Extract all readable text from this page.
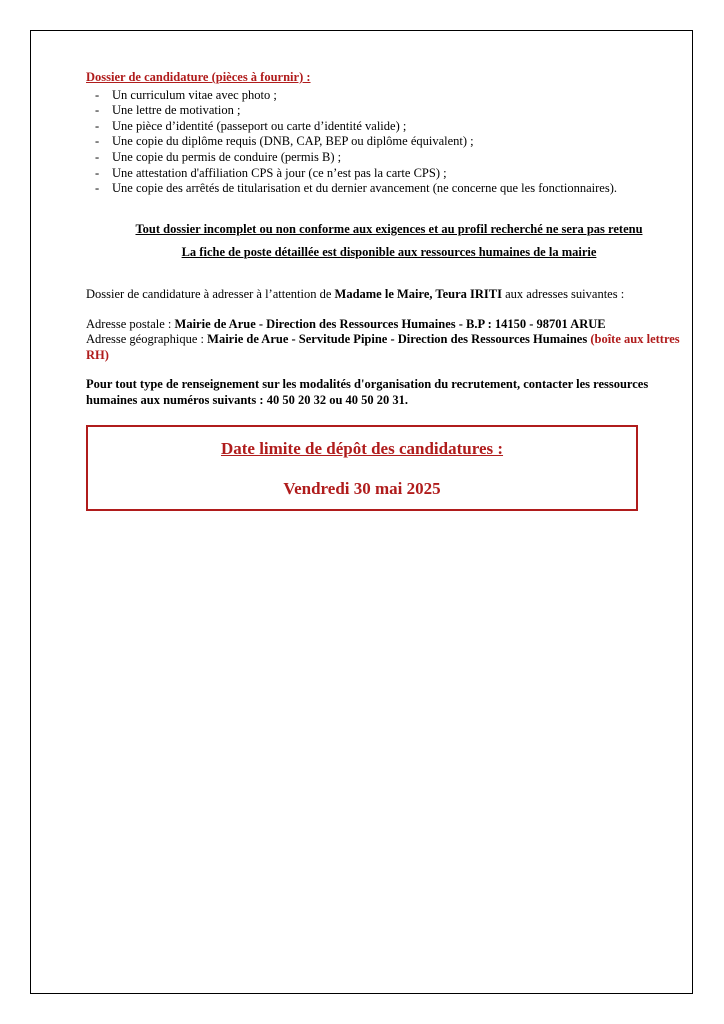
Dossier de candidature (pièces à fournir) :

- Un curriculum vitae avec photo ;
- Une lettre de motivation ;
- Une pièce d’identité (passeport ou carte d’identité valide) ;
- Une copie du diplôme requis (DNB, CAP, BEP ou diplôme équivalent) ;
- Une copie du permis de conduire (permis B) ;
- Une attestation d'affiliation CPS à jour (ce n’est pas la carte CPS) ;
- Une copie des arrêtés de titularisation et du dernier avancement (ne concerne que les fonctionnaires).

Tout dossier incomplet ou non conforme aux exigences et au profil recherché ne sera pas retenu

La fiche de poste détaillée est disponible aux ressources humaines de la mairie

Dossier de candidature à adresser à l’attention de Madame le Maire, Teura IRITI aux adresses suivantes :

Adresse postale : Mairie de Arue - Direction des Ressources Humaines - B.P : 14150 - 98701 ARUE

Adresse géographique : Mairie de Arue - Servitude Pipine - Direction des Ressources Humaines (boîte aux lettres RH)

Pour tout type de renseignement sur les modalités d'organisation du recrutement, contacter les ressources humaines aux numéros suivants : 40 50 20 32 ou 40 50 20 31.

Date limite de dépôt des candidatures :
Vendredi 30 mai 2025
